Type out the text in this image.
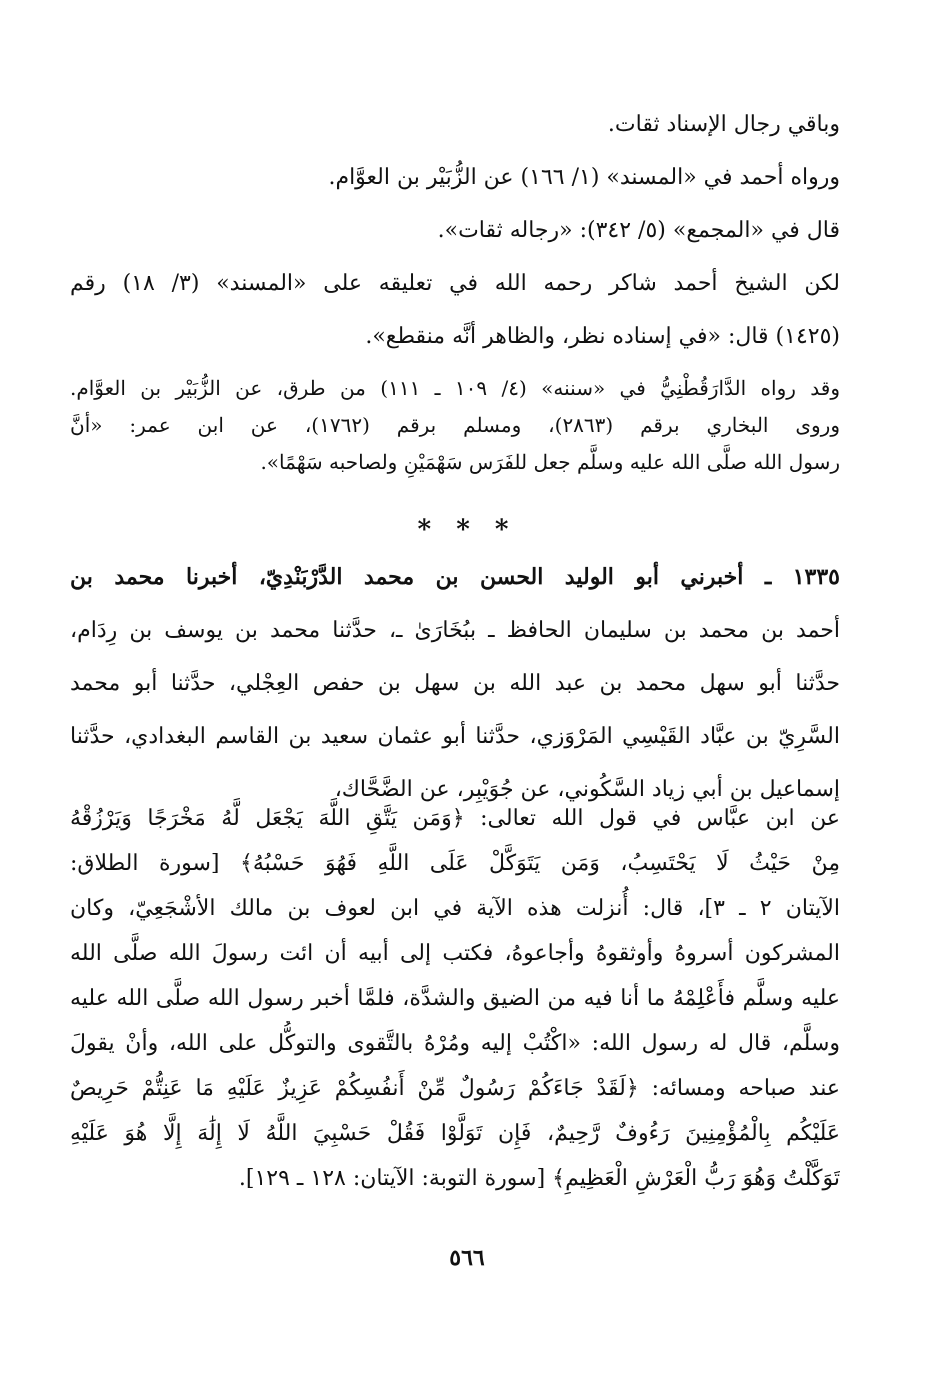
وباقي رجال الإسناد ثقات.
ورواه أحمد في «المسند» (١/ ١٦٦) عن الزُّبَيْر بن العوَّام.
قال في «المجمع» (٥/ ٣٤٢): «رجاله ثقات».
لكن الشيخ أحمد شاكر رحمه الله في تعليقه على «المسند» (٣/ ١٨) رقم
(١٤٢٥) قال: «في إسناده نظر، والظاهر أنَّه منقطع».
وقد رواه الدَّارَقُطْنِيُّ في «سننه» (٤/ ١٠٩ ـ ١١١) من طرق، عن الزُّبَيْر بن العوَّام.
وروى البخاري برقم (٢٨٦٣)، ومسلم برقم (١٧٦٢)، عن ابن عمر: «أنَّ
رسول الله صلَّى الله عليه وسلَّم جعل للفَرَس سَهْمَيْنِ ولصاحبه سَهْمًا».
* * *
١٣٣٥ ـ أخبرني أبو الوليد الحسن بن محمد الدَّرْبَنْدِيّ، أخبرنا محمد بن
أحمد بن محمد بن سليمان الحافظ ـ ببُخَارَىٰ ـ، حدَّثنا محمد بن يوسف بن رِدَام،
حدَّثنا أبو سهل محمد بن عبد الله بن سهل بن حفص العِجْلي، حدَّثنا أبو محمد
السَّرِيّ بن عبَّاد القَيْسِي المَرْوَزي، حدَّثنا أبو عثمان سعيد بن القاسم البغدادي، حدَّثنا
إسماعيل بن أبي زياد السَّكُوني، عن جُوَيْبِر، عن الضَّحَّاك،
عن ابن عبَّاس في قول الله تعالى: ﴿وَمَن يَتَّقِ اللَّهَ يَجْعَل لَّهُ مَخْرَجًا وَيَرْزُقْهُ
مِنْ حَيْثُ لَا يَحْتَسِبُ، وَمَن يَتَوَكَّلْ عَلَى اللَّهِ فَهُوَ حَسْبُهُ﴾ [سورة الطلاق:
الآيتان ٢ ـ ٣]، قال: أُنزلت هذه الآية في ابن لعوف بن مالك الأشْجَعِيّ، وكان
المشركون أسروهُ وأوثقوهُ وأجاعوهُ، فكتب إلى أبيه أن ائت رسولَ الله صلَّى الله
عليه وسلَّم فأَعْلِمْهُ ما أنا فيه من الضيق والشدَّة، فلمَّا أخبر رسول الله صلَّى الله عليه
وسلَّم، قال له رسول الله: «اكْتُبْ إليه ومُرْهُ بالتَّقوى والتوكُّل على الله، وأنْ يقولَ
عند صباحه ومسائه: ﴿لَقَدْ جَاءَكُمْ رَسُولٌ مِّنْ أَنفُسِكُمْ عَزِيزٌ عَلَيْهِ مَا عَنِتُّمْ حَرِيصٌ
عَلَيْكُم بِالْمُؤْمِنِينَ رَءُوفٌ رَّحِيمٌ، فَإِن تَوَلَّوْا فَقُلْ حَسْبِيَ اللَّهُ لَا إِلَٰهَ إِلَّا هُوَ عَلَيْهِ
تَوَكَّلْتُ وَهُوَ رَبُّ الْعَرْشِ الْعَظِيمِ﴾ [سورة التوبة: الآيتان: ١٢٨ ـ ١٢٩].
٥٦٦
